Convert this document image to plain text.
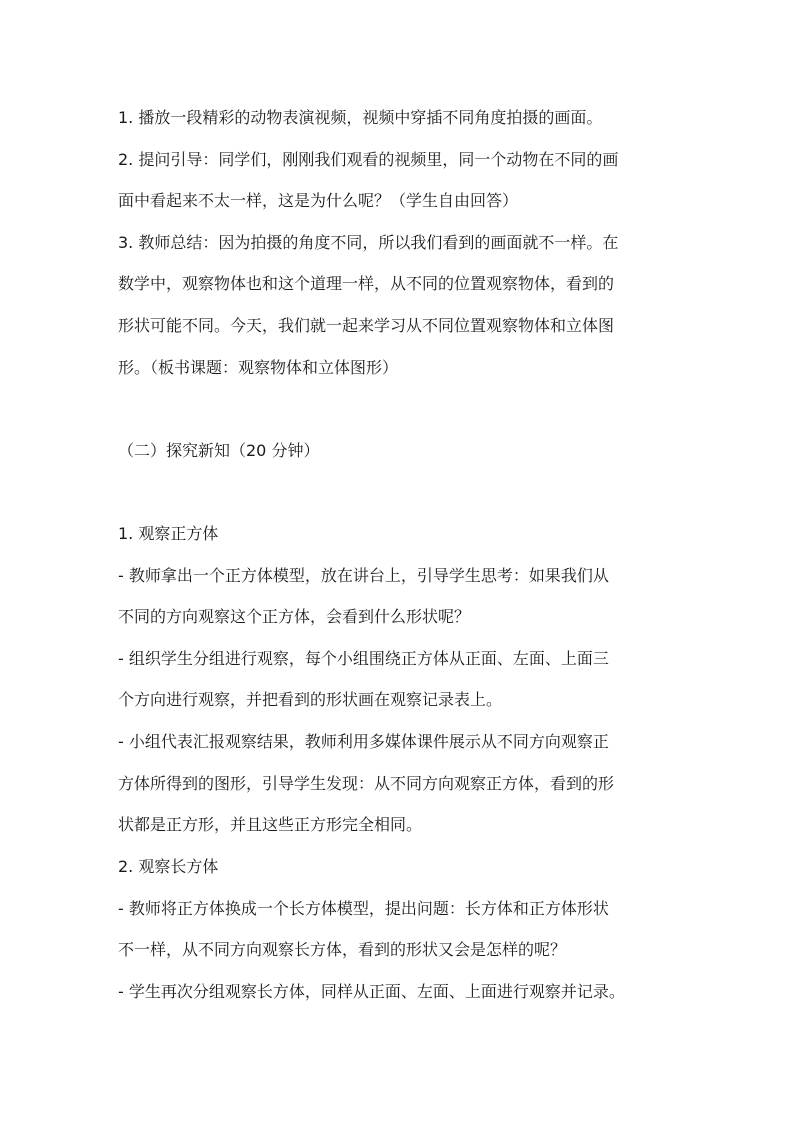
1. 播放一段精彩的动物表演视频，视频中穿插不同角度拍摄的画面。
2. 提问引导：同学们，刚刚我们观看的视频里，同一个动物在不同的画
面中看起来不太一样，这是为什么呢？（学生自由回答）
3. 教师总结：因为拍摄的角度不同，所以我们看到的画面就不一样。在
数学中，观察物体也和这个道理一样，从不同的位置观察物体，看到的
形状可能不同。今天，我们就一起来学习从不同位置观察物体和立体图
形。（板书课题：观察物体和立体图形）
（二）探究新知（20 分钟）
1. 观察正方体
- 教师拿出一个正方体模型，放在讲台上，引导学生思考：如果我们从
不同的方向观察这个正方体，会看到什么形状呢？
- 组织学生分组进行观察，每个小组围绕正方体从正面、左面、上面三
个方向进行观察，并把看到的形状画在观察记录表上。
- 小组代表汇报观察结果，教师利用多媒体课件展示从不同方向观察正
方体所得到的图形，引导学生发现：从不同方向观察正方体，看到的形
状都是正方形，并且这些正方形完全相同。
2. 观察长方体
- 教师将正方体换成一个长方体模型，提出问题：长方体和正方体形状
不一样，从不同方向观察长方体，看到的形状又会是怎样的呢？
- 学生再次分组观察长方体，同样从正面、左面、上面进行观察并记录。
